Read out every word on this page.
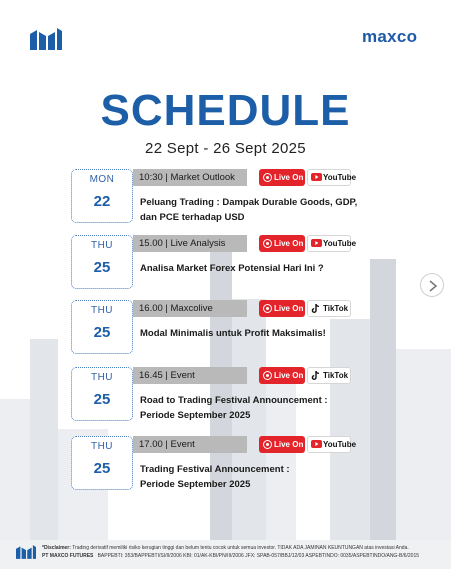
maxco
SCHEDULE
22 Sept - 26 Sept 2025
MON
22
10:30 | Market Outlook	Live On	YouTube
Peluang Trading : Dampak Durable Goods, GDP,
dan PCE terhadap USD
THU
25
15.00 | Live Analysis	Live On	YouTube
Analisa Market Forex Potensial Hari Ini ?
THU
25
16.00 | Maxcolive	Live On	TikTok
Modal Minimalis untuk Profit Maksimalis!
THU
25
16.45 | Event	Live On	TikTok
Road to Trading Festival Announcement :
Periode September 2025
THU
25
17.00 | Event	Live On	YouTube
Trading Festival Announcement :
Periode September 2025
*Disclaimer: Trading derivatif memiliki risiko kerugian tinggi dan belum tentu cocok untuk semua investor. TIDAK ADA JAMINAN KEUNTUNGAN atas investasi Anda.
PT MAXCO FUTURES BAPPEBTI: 353/BAPPEBTI/SI/II/2006 KBI: 01/AK-KBI/PN/III/2006 JFX: SPAB-057/BBJ/12/03 ASPEBTINDO: 0035/ASPEBTINDO/ANG-B/6/2015
